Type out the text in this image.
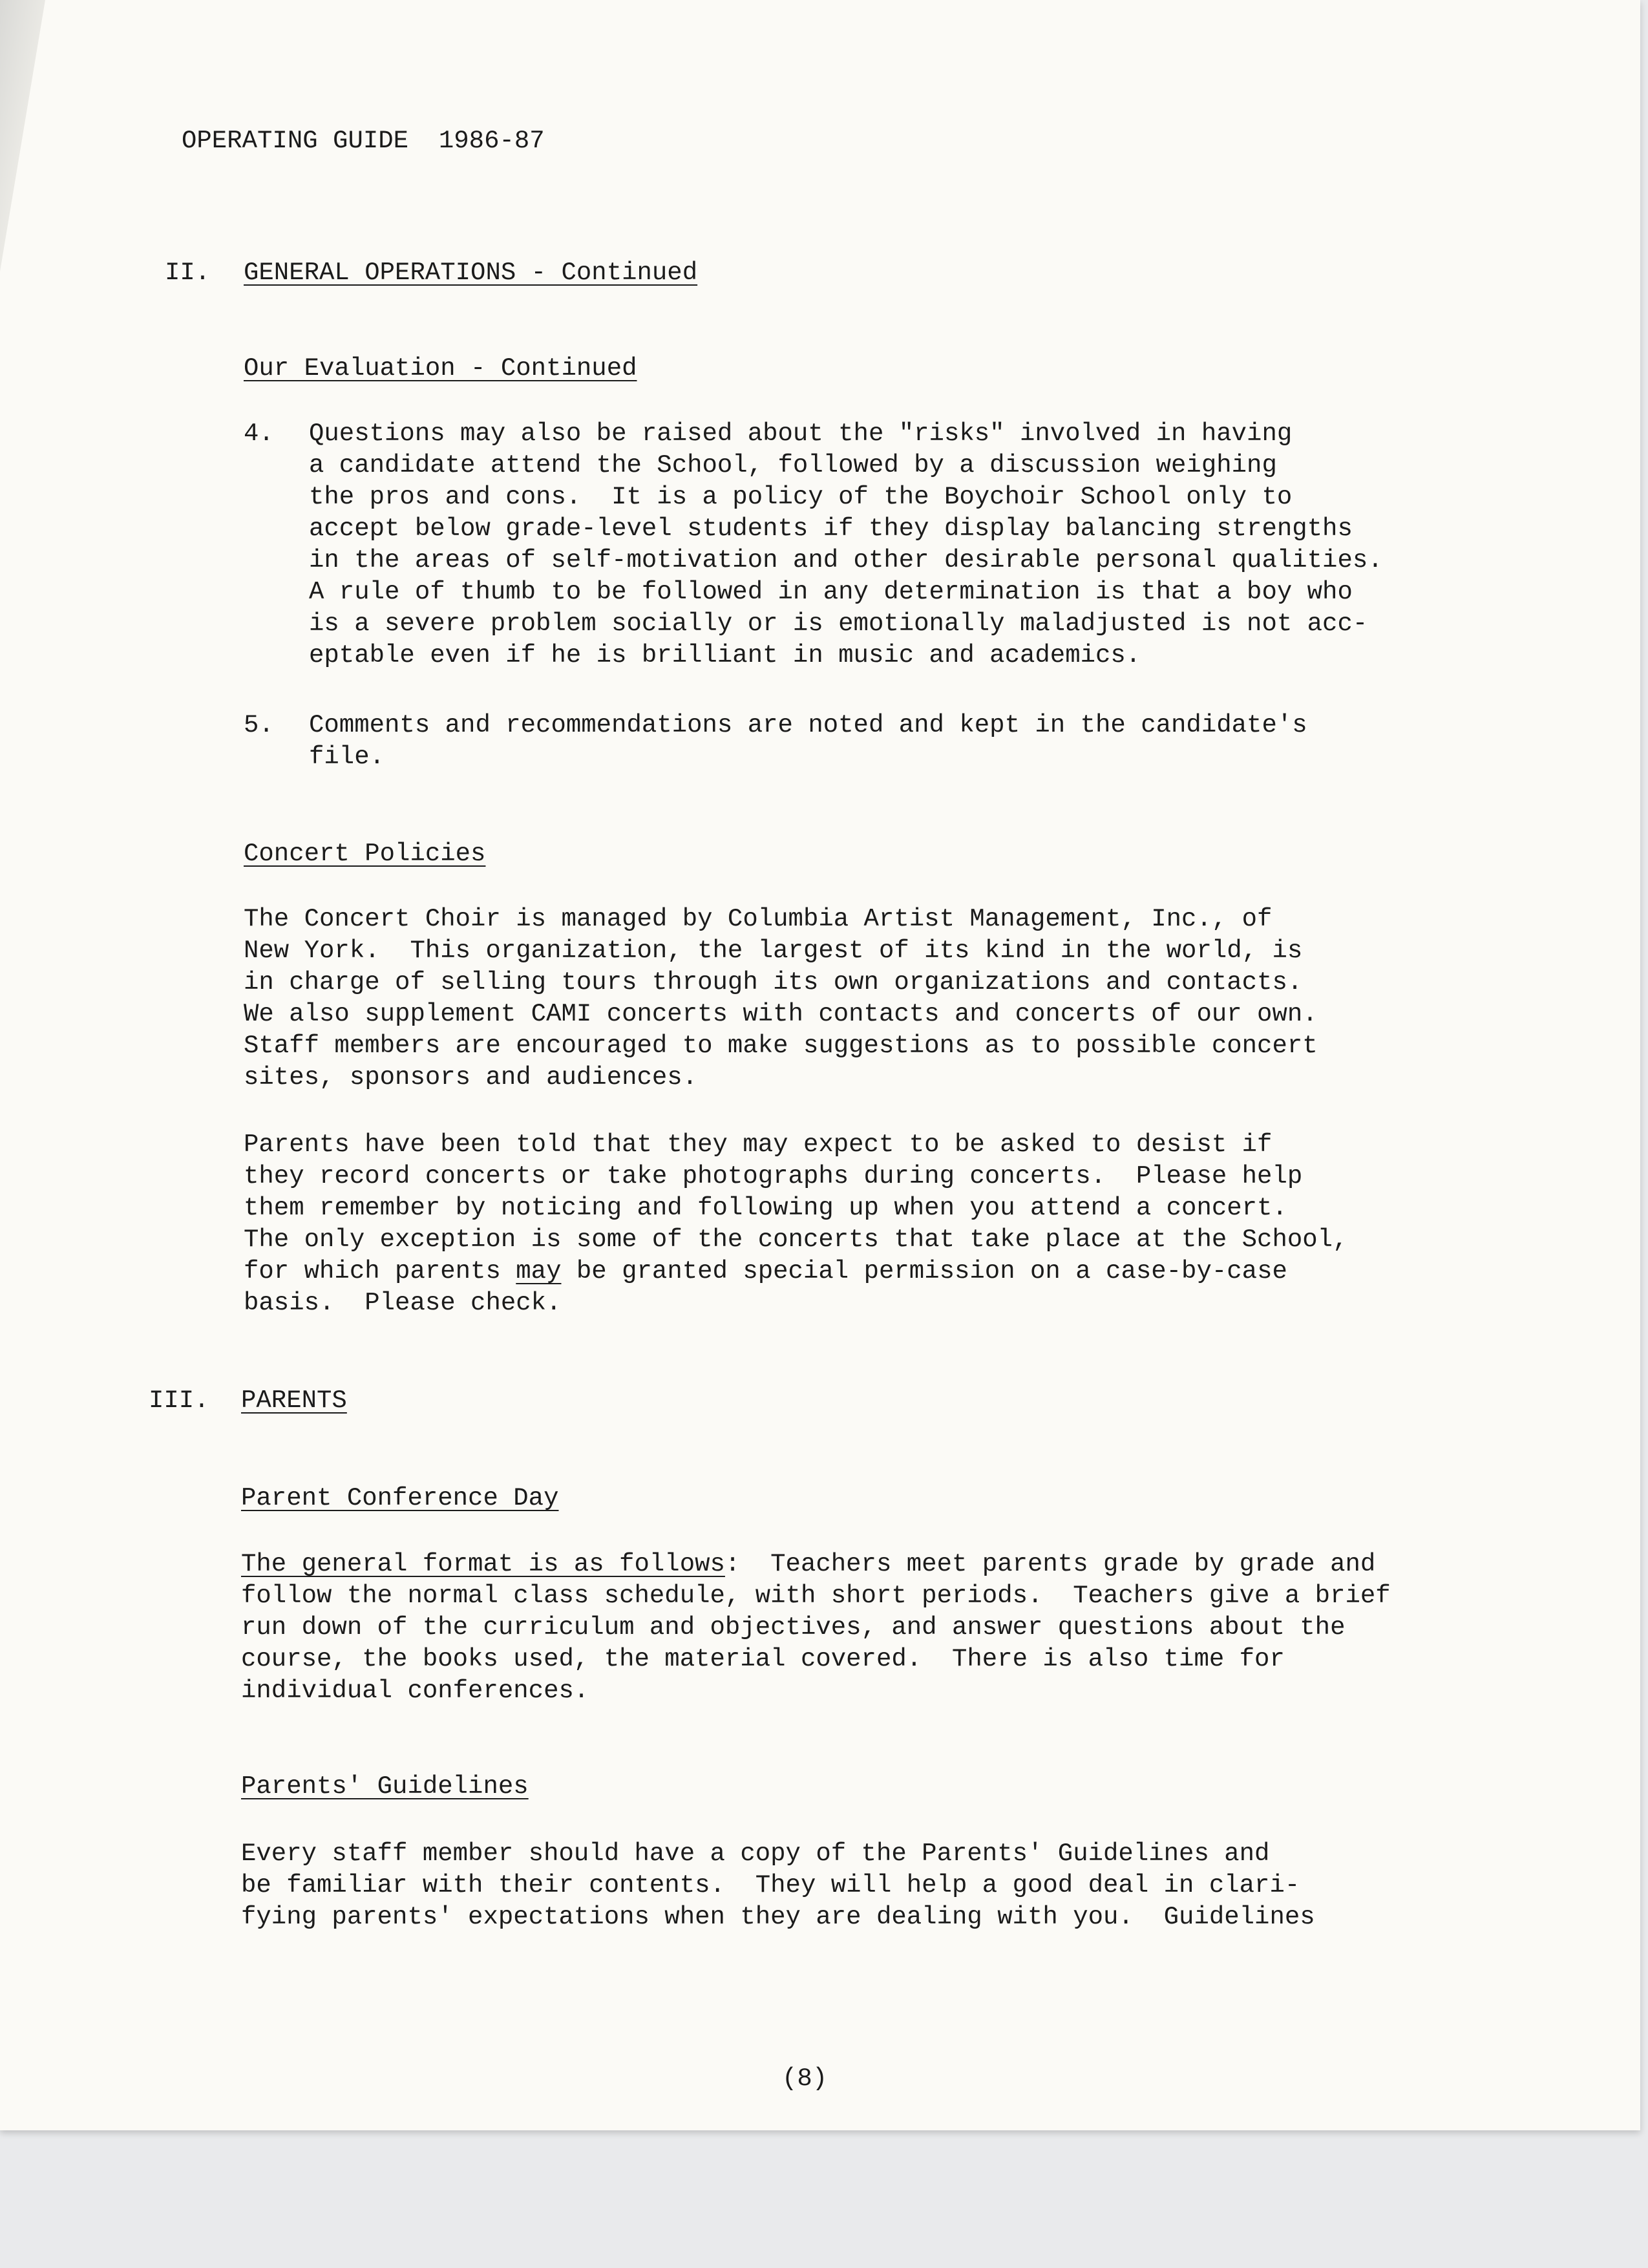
OPERATING GUIDE  1986-87
II. GENERAL OPERATIONS - Continued
Our Evaluation - Continued
4. Questions may also be raised about the "risks" involved in having
a candidate attend the School, followed by a discussion weighing
the pros and cons.  It is a policy of the Boychoir School only to
accept below grade-level students if they display balancing strengths
in the areas of self-motivation and other desirable personal qualities.
A rule of thumb to be followed in any determination is that a boy who
is a severe problem socially or is emotionally maladjusted is not acc-
eptable even if he is brilliant in music and academics.
5. Comments and recommendations are noted and kept in the candidate's
file.
Concert Policies
The Concert Choir is managed by Columbia Artist Management, Inc., of
New York.  This organization, the largest of its kind in the world, is
in charge of selling tours through its own organizations and contacts.
We also supplement CAMI concerts with contacts and concerts of our own.
Staff members are encouraged to make suggestions as to possible concert
sites, sponsors and audiences.
Parents have been told that they may expect to be asked to desist if
they record concerts or take photographs during concerts.  Please help
them remember by noticing and following up when you attend a concert.
The only exception is some of the concerts that take place at the School,
for which parents may be granted special permission on a case-by-case
basis.  Please check.
III. PARENTS
Parent Conference Day
The general format is as follows:  Teachers meet parents grade by grade and
follow the normal class schedule, with short periods.  Teachers give a brief
run down of the curriculum and objectives, and answer questions about the
course, the books used, the material covered.  There is also time for
individual conferences.
Parents' Guidelines
Every staff member should have a copy of the Parents' Guidelines and
be familiar with their contents.  They will help a good deal in clari-
fying parents' expectations when they are dealing with you.  Guidelines
(8)
